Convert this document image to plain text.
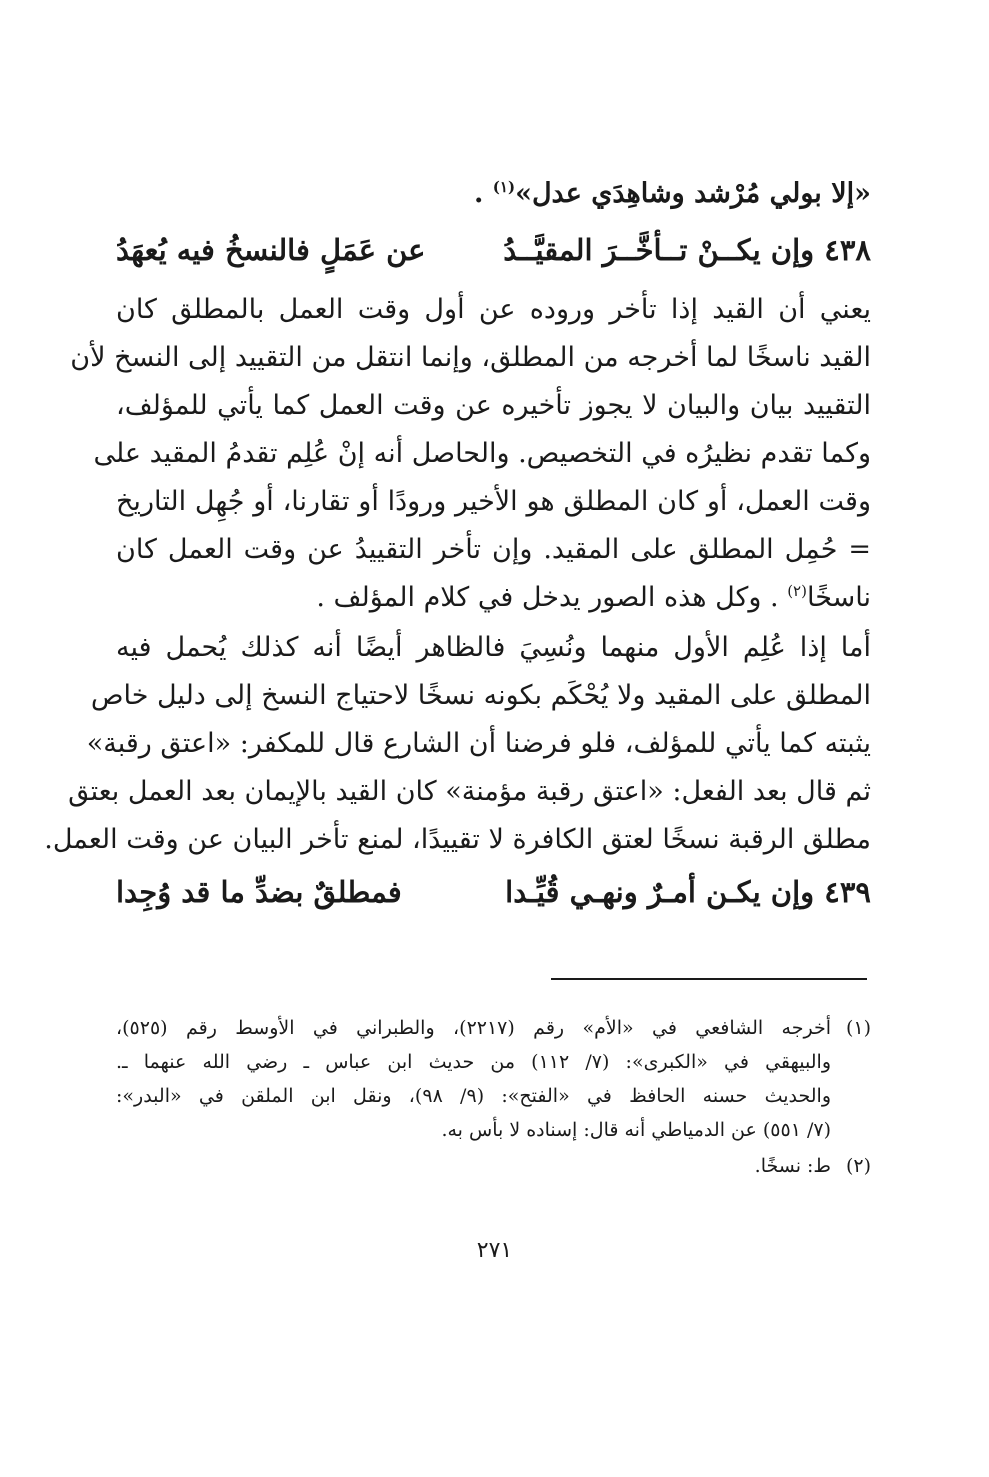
«إلا بولي مُرْشد وشاهِدَي عدل»$^{(١)}$ .
٤٣٨ وإن يكــنْ تــأخَّــرَ المقيَّــدُ
عن عَمَلٍ فالنسخُ فيه يُعهَدُ
يعني أن القيد إذا تأخر وروده عن أول وقت العمل بالمطلق كان
القيد ناسخًا لما أخرجه من المطلق، وإنما انتقل من التقييد إلى النسخ لأن
التقييد بيان والبيان لا يجوز تأخيره عن وقت العمل كما يأتي للمؤلف،
وكما تقدم نظيرُه في التخصيص. والحاصل أنه إنْ عُلِم تقدمُ المقيد على
وقت العمل، أو كان المطلق هو الأخير ورودًا أو تقارنا، أو جُهِل التاريخ
= حُمِل المطلق على المقيد. وإن تأخر التقييدُ عن وقت العمل كان
ناسخًا$^{(٢)}$ . وكل هذه الصور يدخل في كلام المؤلف .
أما إذا عُلِم الأول منهما ونُسِيَ فالظاهر أيضًا أنه كذلك يُحمل فيه
المطلق على المقيد ولا يُحْكَم بكونه نسخًا لاحتياج النسخ إلى دليل خاص
يثبته كما يأتي للمؤلف، فلو فرضنا أن الشارع قال للمكفر: «اعتق رقبة»
ثم قال بعد الفعل: «اعتق رقبة مؤمنة» كان القيد بالإيمان بعد العمل بعتق
مطلق الرقبة نسخًا لعتق الكافرة لا تقييدًا، لمنع تأخر البيان عن وقت العمل.
٤٣٩ وإن يكـن أمـرٌ ونهـي قُيِّـدا
فمطلقٌ بضدِّ ما قد وُجِدا
(١)
أخرجه الشافعي في «الأم» رقم (٢٢١٧)، والطبراني في الأوسط رقم (٥٢٥)،
والبيهقي في «الكبرى»: (٧/ ١١٢) من حديث ابن عباس ـ رضي الله عنهما ـ.
والحديث حسنه الحافظ في «الفتح»: (٩/ ٩٨)، ونقل ابن الملقن في «البدر»:
(٧/ ٥٥١) عن الدمياطي أنه قال: إسناده لا بأس به.
(٢)ط: نسخًا.
٢٧١
